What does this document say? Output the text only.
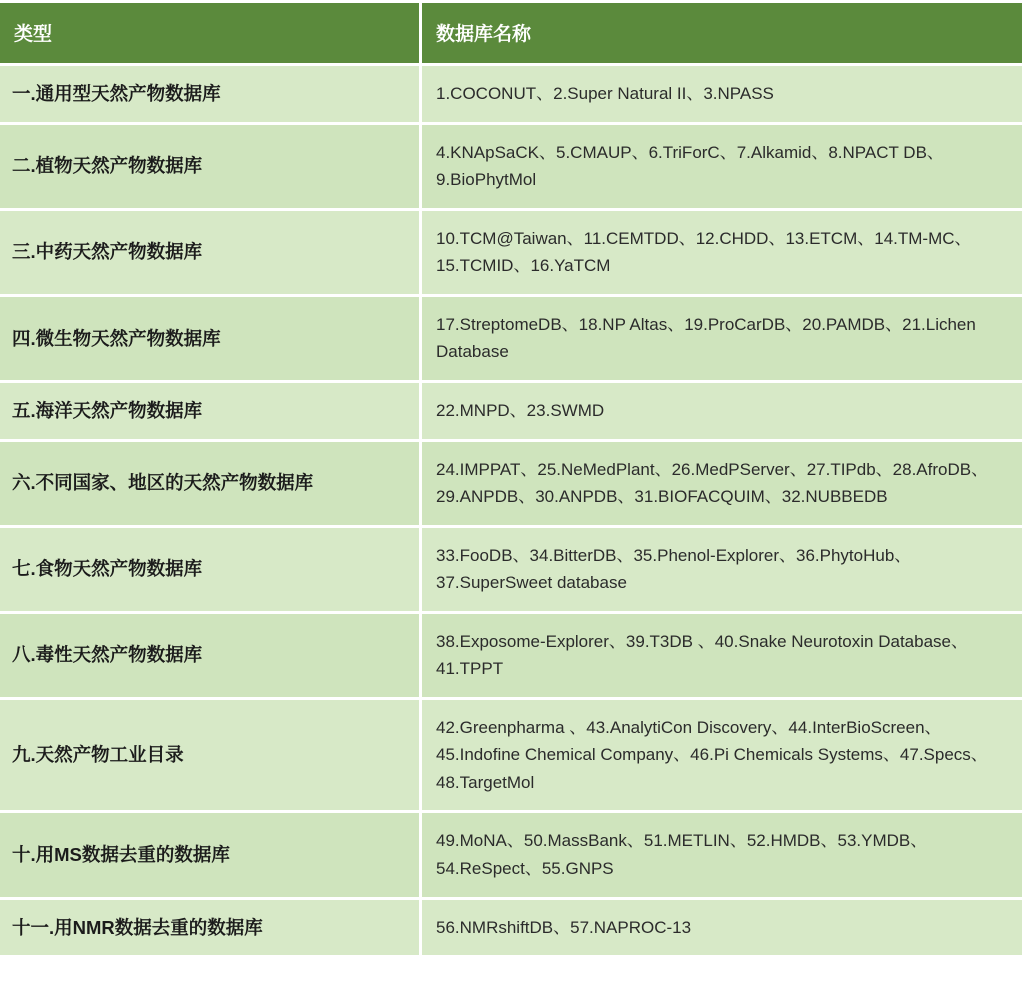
类型	数据库名称
一.通用型天然产物数据库	1.COCONUT、2.Super Natural II、3.NPASS
二.植物天然产物数据库	4.KNApSaCK、5.CMAUP、6.TriForC、7.Alkamid、8.NPACT DB、9.BioPhytMol
三.中药天然产物数据库	10.TCM@Taiwan、11.CEMTDD、12.CHDD、13.ETCM、14.TM-MC、15.TCMID、16.YaTCM
四.微生物天然产物数据库	17.StreptomeDB、18.NP Altas、19.ProCarDB、20.PAMDB、21.Lichen Database
五.海洋天然产物数据库	22.MNPD、23.SWMD
六.不同国家、地区的天然产物数据库	24.IMPPAT、25.NeMedPlant、26.MedPServer、27.TIPdb、28.AfroDB、29.ANPDB、30.ANPDB、31.BIOFACQUIM、32.NUBBEDB
七.食物天然产物数据库	33.FooDB、34.BitterDB、35.Phenol-Explorer、36.PhytoHub、37.SuperSweet database
八.毒性天然产物数据库	38.Exposome-Explorer、39.T3DB 、40.Snake Neurotoxin Database、41.TPPT
九.天然产物工业目录	42.Greenpharma 、43.AnalytiCon Discovery、44.InterBioScreen、45.Indofine Chemical Company、46.Pi Chemicals Systems、47.Specs、48.TargetMol
十.用MS数据去重的数据库	49.MoNA、50.MassBank、51.METLIN、52.HMDB、53.YMDB、54.ReSpect、55.GNPS
十一.用NMR数据去重的数据库	56.NMRshiftDB、57.NAPROC-13
